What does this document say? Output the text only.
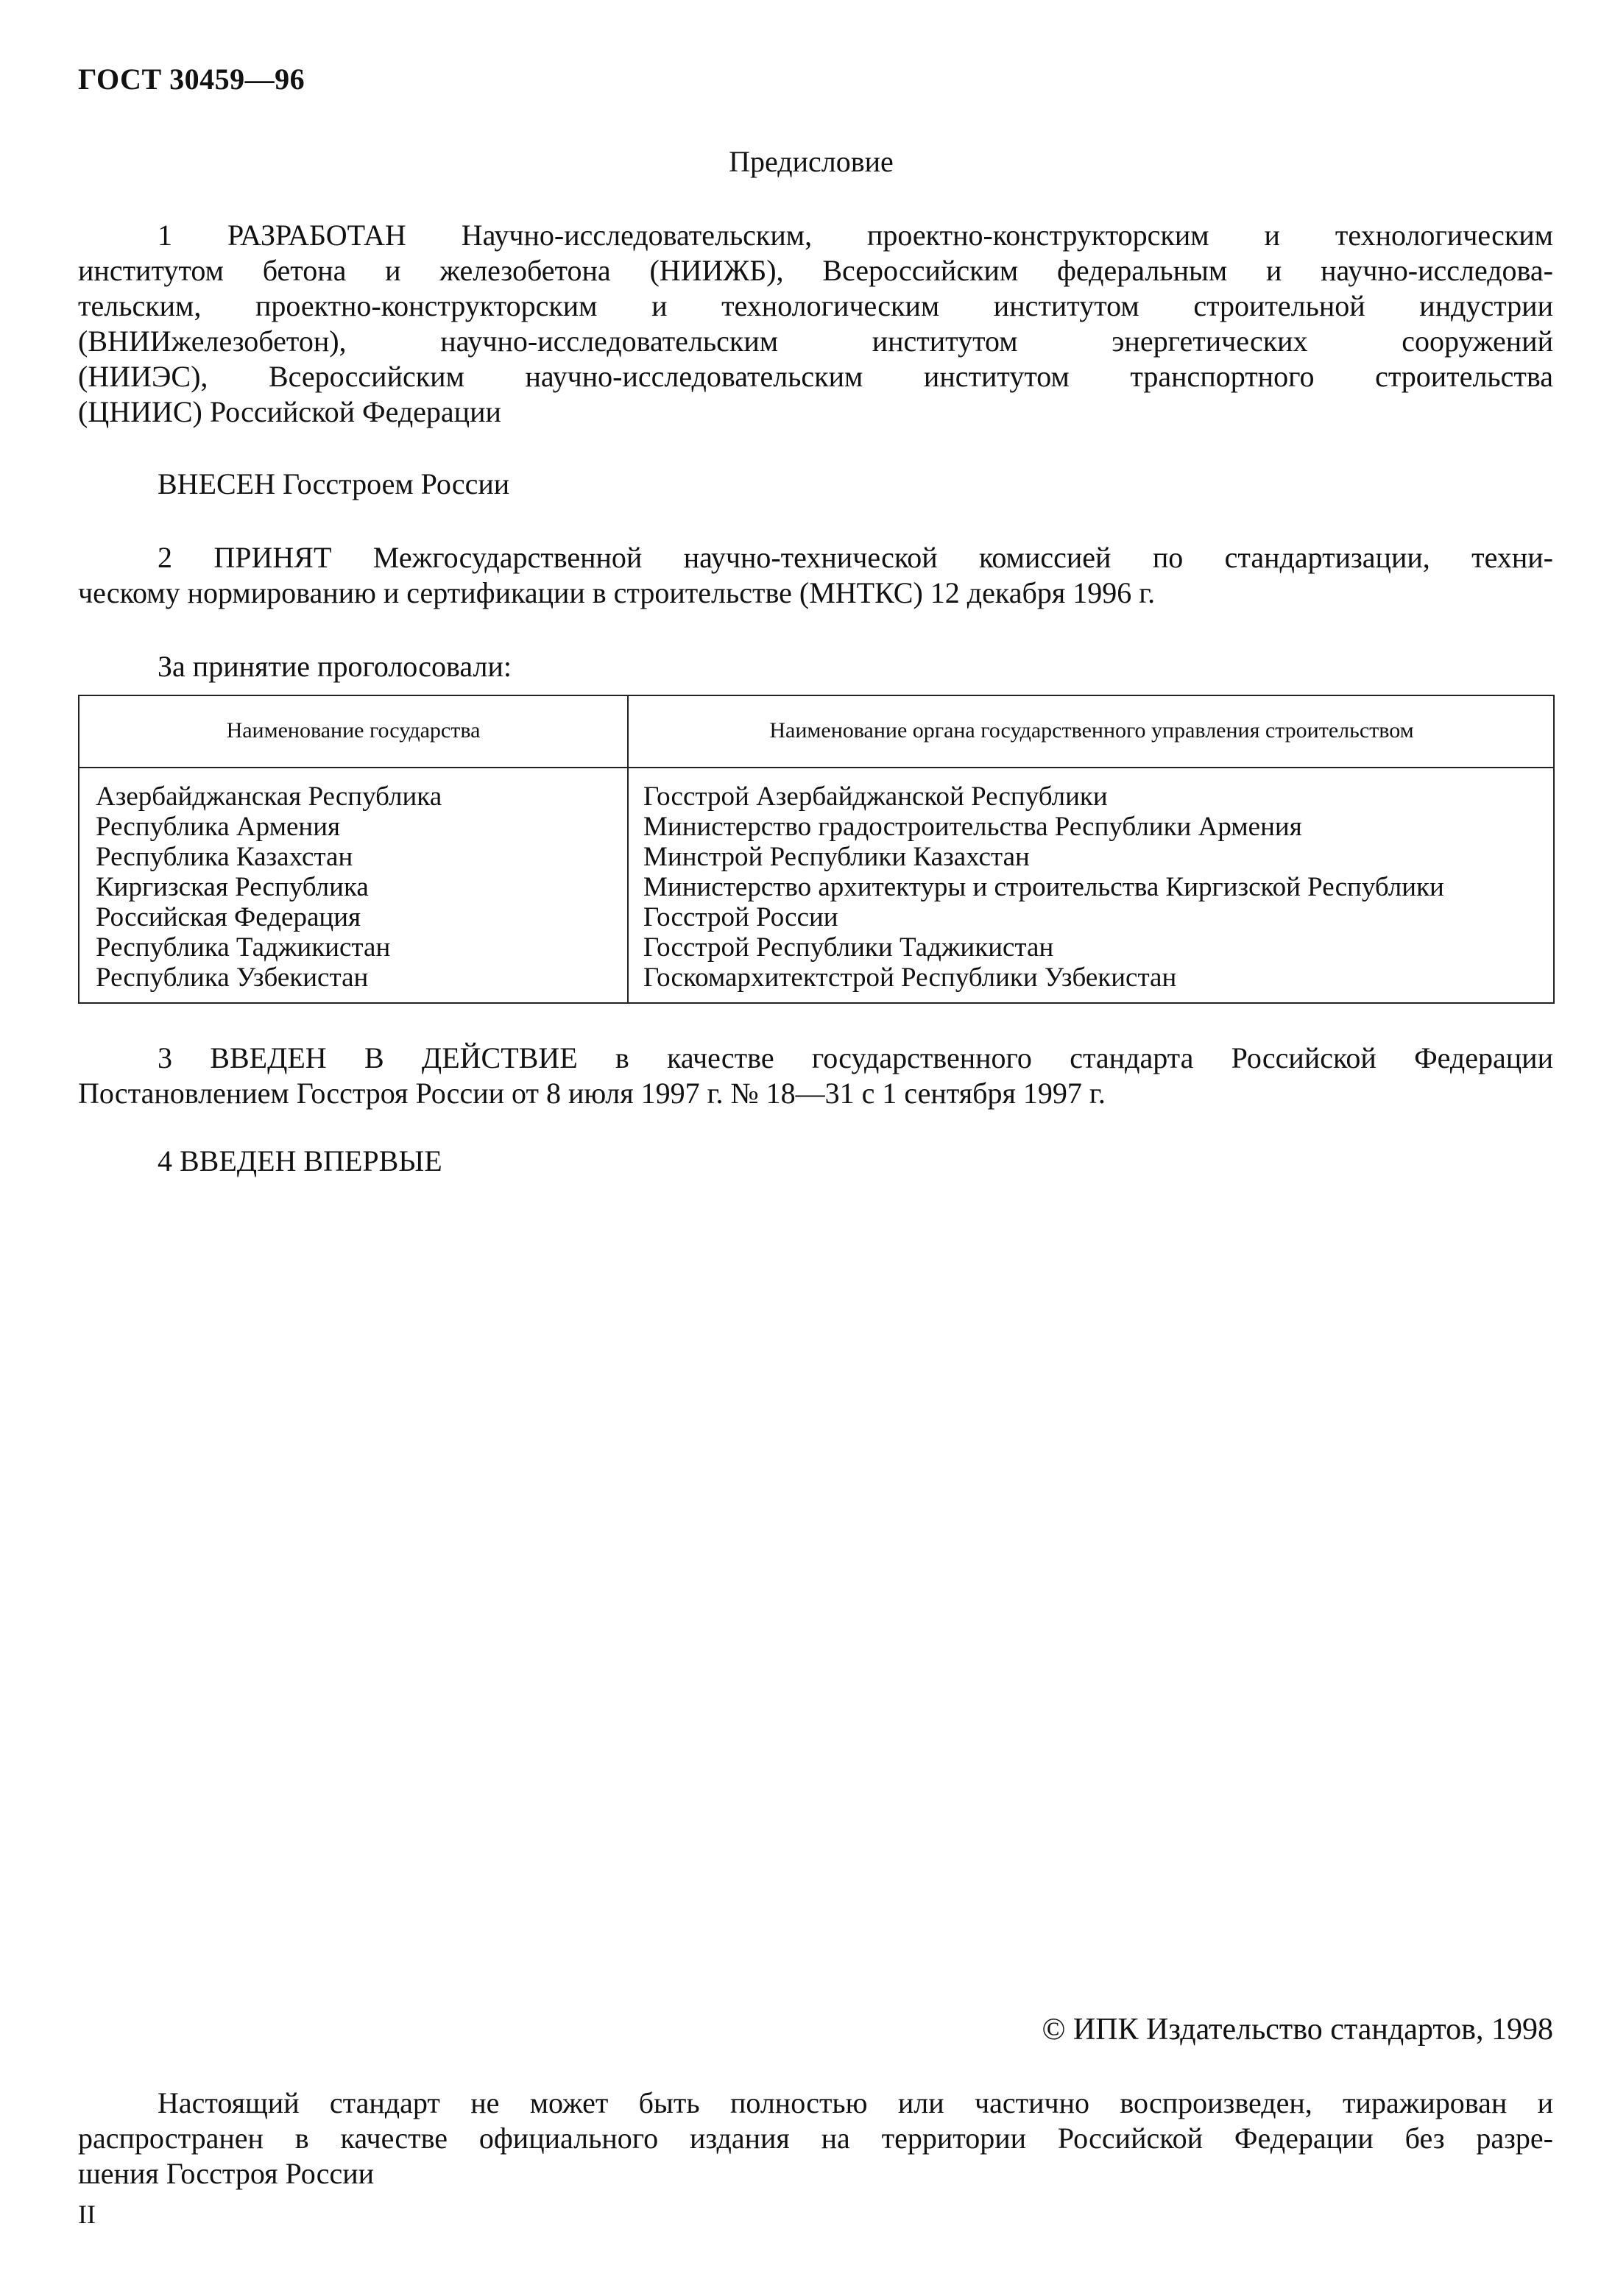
ГОСТ 30459—96
Предисловие
1 РАЗРАБОТАН Научно-исследовательским, проектно-конструкторским и технологическим
институтом бетона и железобетона (НИИЖБ), Всероссийским федеральным и научно-исследова-
тельским, проектно-конструкторским и технологическим институтом строительной индустрии
(ВНИИжелезобетон), научно-исследовательским институтом энергетических сооружений
(НИИЭС), Всероссийским научно-исследовательским институтом транспортного строительства
(ЦНИИС) Российской Федерации
ВНЕСЕН Госстроем России
2 ПРИНЯТ Межгосударственной научно-технической комиссией по стандартизации, техни-
ческому нормированию и сертификации в строительстве (МНТКС) 12 декабря 1996 г.
За принятие проголосовали:
Наименование государства	Наименование органа государственного управления строительством
Азербайджанская Республика	Госстрой Азербайджанской Республики
Республика Армения	Министерство градостроительства Республики Армения
Республика Казахстан	Минстрой Республики Казахстан
Киргизская Республика	Министерство архитектуры и строительства Киргизской Республики
Российская Федерация	Госстрой России
Республика Таджикистан	Госстрой Республики Таджикистан
Республика Узбекистан	Госкомархитектстрой Республики Узбекистан
3 ВВЕДЕН В ДЕЙСТВИЕ в качестве государственного стандарта Российской Федерации
Постановлением Госстроя России от 8 июля 1997 г. № 18—31 с 1 сентября 1997 г.
4 ВВЕДЕН ВПЕРВЫЕ
© ИПК Издательство стандартов, 1998
Настоящий стандарт не может быть полностью или частично воспроизведен, тиражирован и
распространен в качестве официального издания на территории Российской Федерации без разре-
шения Госстроя России
II
